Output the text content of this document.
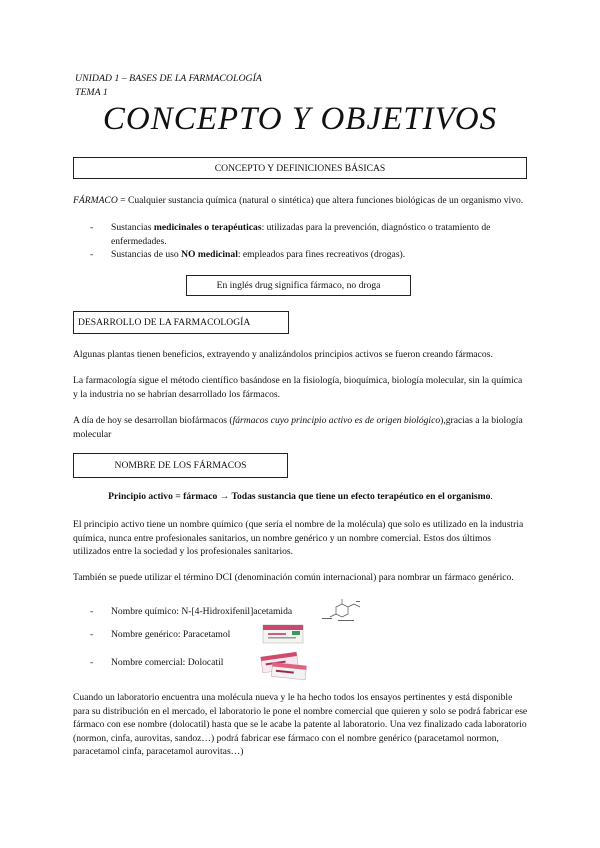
UNIDAD 1 – BASES DE LA FARMACOLOGÍA
TEMA 1
CONCEPTO Y OBJETIVOS
CONCEPTO Y DEFINICIONES BÁSICAS
FÁRMACO = Cualquier sustancia química (natural o sintética) que altera funciones biológicas de un organismo vivo.
- Sustancias medicinales o terapéuticas: utilizadas para la prevención, diagnóstico o tratamiento de enfermedades.
- Sustancias de uso NO medicinal: empleados para fines recreativos (drogas).
En inglés drug significa fármaco, no droga
DESARROLLO DE LA FARMACOLOGÍA
Algunas plantas tienen beneficios, extrayendo y analizándolos principios activos se fueron creando fármacos.
La farmacología sigue el método científico basándose en la fisiología, bioquímica, biología molecular, sin la química y la industria no se habrían desarrollado los fármacos.
A día de hoy se desarrollan biofármacos (fármacos cuyo principio activo es de origen biológico),gracias a la biología molecular
NOMBRE DE LOS FÁRMACOS
Principio activo = fármaco → Todas sustancia que tiene un efecto terapéutico en el organismo.
El principio activo tiene un nombre químico (que sería el nombre de la molécula) que solo es utilizado en la industria química, nunca entre profesionales sanitarios, un nombre genérico y un nombre comercial. Estos dos últimos utilizados entre la sociedad y los profesionales sanitarios.
También se puede utilizar el término DCI (denominación común internacional) para nombrar un fármaco genérico.
- Nombre químico: N-[4-Hidroxifenil]acetamida
- Nombre genérico: Paracetamol
- Nombre comercial: Dolocatil
Cuando un laboratorio encuentra una molécula nueva y le ha hecho todos los ensayos pertinentes y está disponible para su distribución en el mercado, el laboratorio le pone el nombre comercial que quieren y solo se podrá fabricar ese fármaco con ese nombre (dolocatil) hasta que se le acabe la patente al laboratorio. Una vez finalizado cada laboratorio (normon, cinfa, aurovitas, sandoz…) podrá fabricar ese fármaco con el nombre genérico (paracetamol normon, paracetamol cinfa, paracetamol aurovitas…)
